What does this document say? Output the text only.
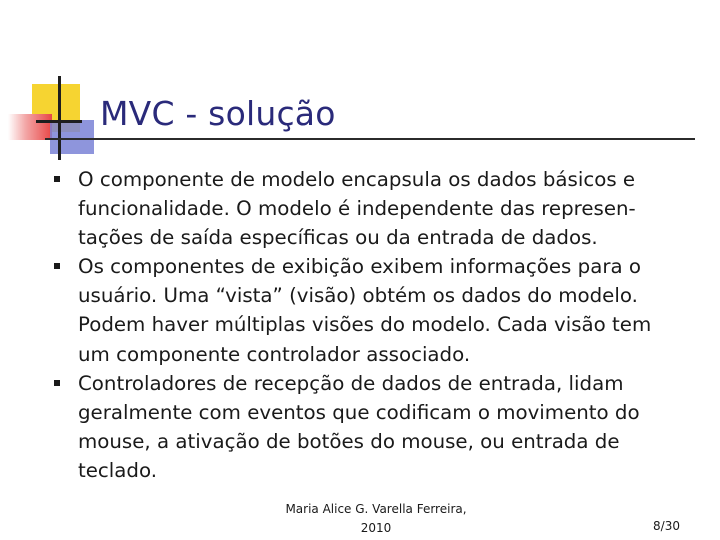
MVC - solução
O componente de modelo encapsula os dados básicos e
funcionalidade. O modelo é independente das represen-
tações de saída específicas ou da entrada de dados.
Os componentes de exibição exibem informações para o
usuário. Uma “vista” (visão) obtém os dados do modelo.
Podem haver múltiplas visões do modelo. Cada visão tem
um componente controlador associado.
Controladores de recepção de dados de entrada, lidam
geralmente com eventos que codificam o movimento do
mouse, a ativação de botões do mouse, ou entrada de
teclado.
Maria Alice G. Varella Ferreira,
2010	8/30
